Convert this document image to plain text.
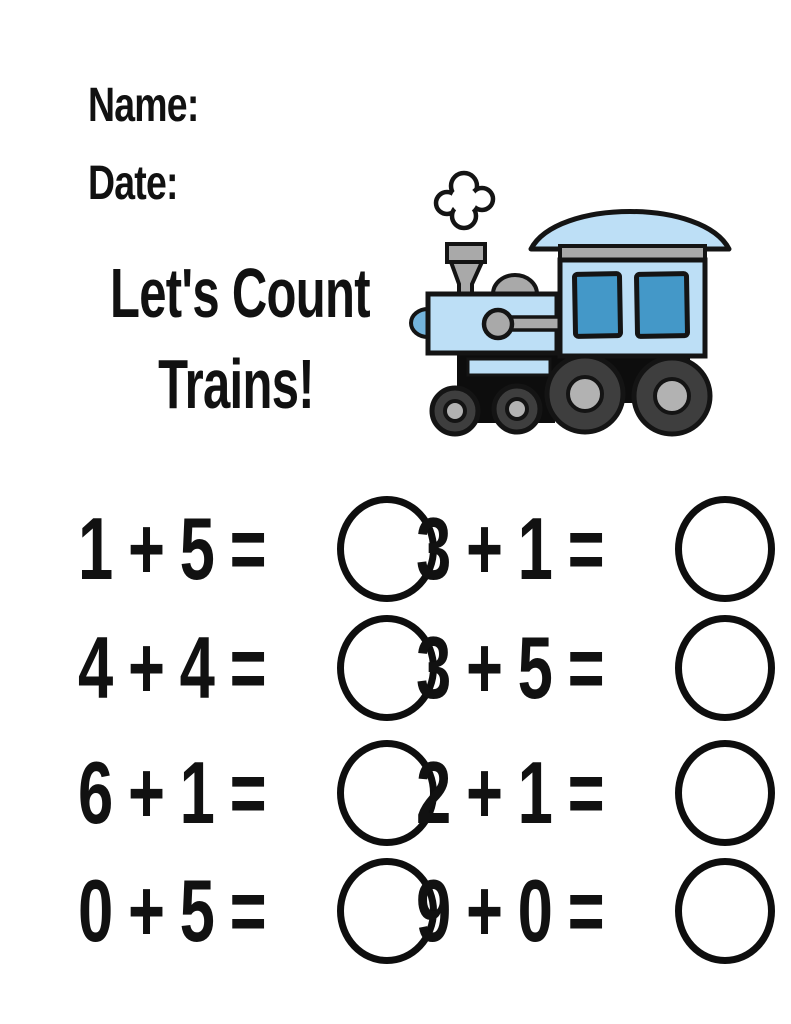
Name:
Date:
Let's Count
Trains!
1 + 5 =
4 + 4 =
6 + 1 =
0 + 5 =
3 + 1 =
3 + 5 =
2 + 1 =
9 + 0 =
